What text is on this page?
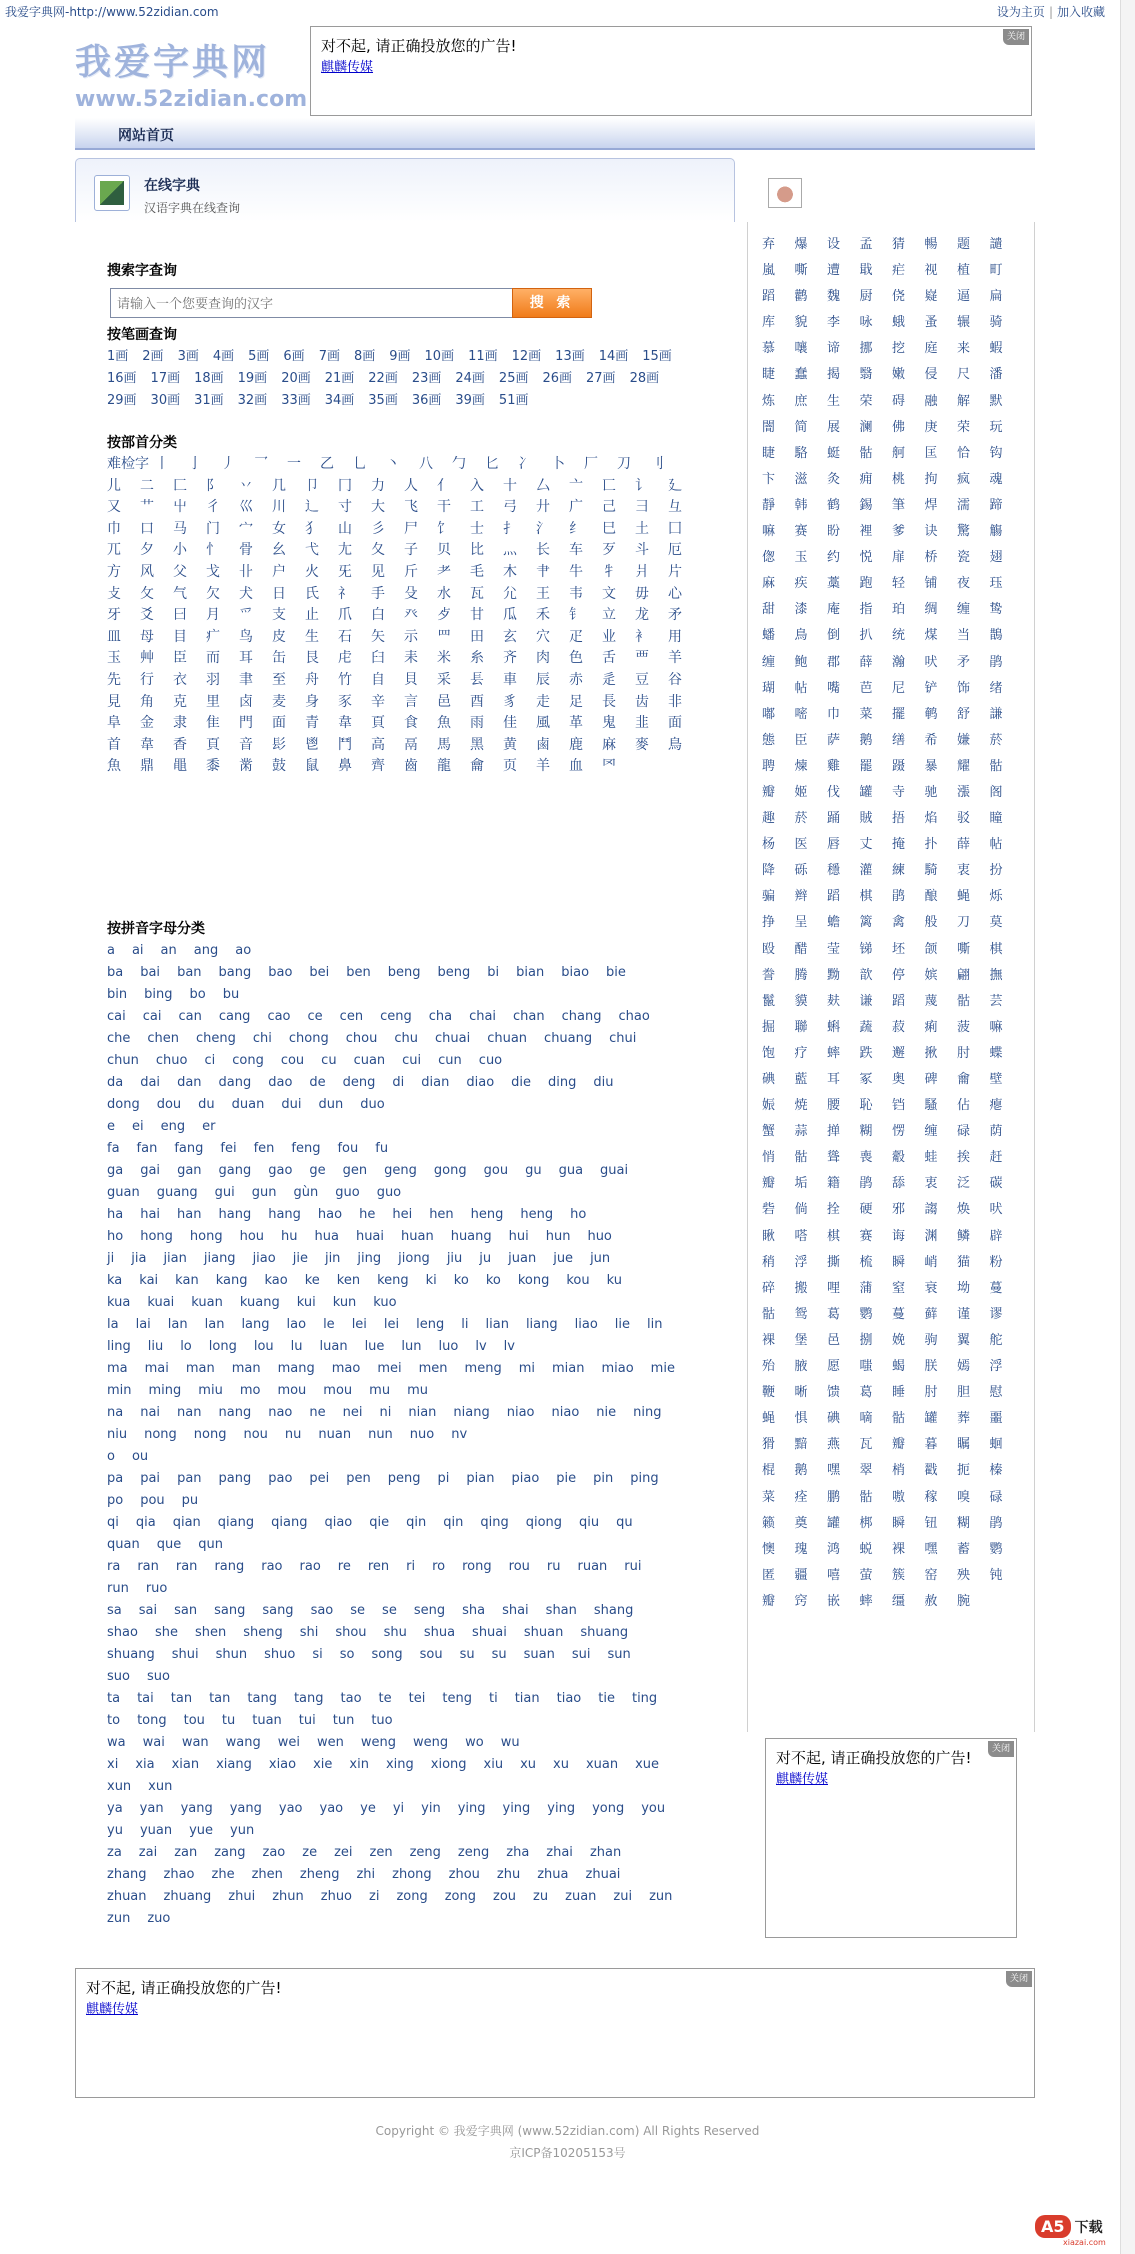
我爱字典网-http://www.52zidian.com	设为主页 | 加入收藏
我爱字典网
www.52zidian.com
关闭
对不起, 请正确投放您的广告!
麒麟传媒
网站首页
在线字典
汉语字典在线查询
搜索字查询
请输入一个您要查询的汉字
搜 索
按笔画查询
1画 2画 3画 4画 5画 6画 7画 8画 9画 10画 11画 12画 13画 14画 15画16画 17画 18画 19画 20画 21画 22画 23画 24画 25画 26画 27画 28画29画 30画 31画 32画 33画 34画 35画 36画 39画 51画
按部首分类
难检字 丨 亅 丿 乛 一 乙 乚 丶 八 勹 匕 冫 卜 厂 刀 刂儿 二 匚 阝 丷 几 卩 冂 力 人 亻 入 十 厶 亠 匸 讠 廴又 艹 屮 彳 巛 川 辶 寸 大 飞 干 工 弓 廾 广 己 彐 彑巾 口 马 门 宀 女 犭 山 彡 尸 饣 士 扌 氵 纟 巳 土 囗兀 夕 小 忄 骨 幺 弋 尢 夂 子 贝 比 灬 长 车 歹 斗 厄方 风 父 戈 卝 户 火 旡 见 斤 耂 毛 木 肀 牛 牜 爿 片攴 攵 气 欠 犬 日 氏 礻 手 殳 水 瓦 尣 王 韦 文 毋 心牙 爻 曰 月 爫 支 止 爪 白 癶 歺 甘 瓜 禾 钅 立 龙 矛皿 母 目 疒 鸟 皮 生 石 矢 示 罒 田 玄 穴 疋 业 衤 用玉 艸 臣 而 耳 缶 艮 虍 臼 耒 米 糸 齐 肉 色 舌 覀 羊先 行 衣 羽 聿 至 舟 竹 自 貝 采 镸 車 辰 赤 辵 豆 谷見 角 克 里 卤 麦 身 豕 辛 言 邑 酉 豸 走 足 長 齿 非阜 金 隶 隹 門 面 青 韋 頁 食 魚 雨 佳 風 革 鬼 韭 面首 韋 香 頁 音 髟 鬯 鬥 高 鬲 馬 黑 黄 鹵 鹿 麻 麥 鳥魚 鼎 黽 黍 黹 鼓 鼠 鼻 齊 齒 龍 龠 页 羊 血 罓
按拼音字母分类
a ai an ang ao
ba bai ban bang bao bei ben beng beng bi bian biao bie
bin bing bo bu
cai cai can cang cao ce cen ceng cha chai chan chang chao
che chen cheng chi chong chou chu chuai chuan chuang chui
chun chuo ci cong cou cu cuan cui cun cuo
da dai dan dang dao de deng di dian diao die ding diu
dong dou du duan dui dun duo
e ei eng er
fa fan fang fei fen feng fou fu
ga gai gan gang gao ge gen geng gong gou gu gua guai
guan guang gui gun gùn guo guo
ha hai han hang hang hao he hei hen heng heng ho
ho hong hong hou hu hua huai huan huang hui hun huo
ji jia jian jiang jiao jie jin jing jiong jiu ju juan jue jun
ka kai kan kang kao ke ken keng ki ko ko kong kou ku
kua kuai kuan kuang kui kun kuo
la lai lan lan lang lao le lei lei leng li lian liang liao lie lin
ling liu lo long lou lu luan lue lun luo lv lv
ma mai man man mang mao mei men meng mi mian miao mie
min ming miu mo mou mou mu mu
na nai nan nang nao ne nei ni nian niang niao niao nie ning
niu nong nong nou nu nuan nun nuo nv
o ou
pa pai pan pang pao pei pen peng pi pian piao pie pin ping
po pou pu
qi qia qian qiang qiang qiao qie qin qin qing qiong qiu qu
quan que qun
ra ran ran rang rao rao re ren ri ro rong rou ru ruan rui
run ruo
sa sai san sang sang sao se se seng sha shai shan shang
shao she shen sheng shi shou shu shua shuai shuan shuang
shuang shui shun shuo si so song sou su su suan sui sun
suo suo
ta tai tan tan tang tang tao te tei teng ti tian tiao tie ting
to tong tou tu tuan tui tun tuo
wa wai wan wang wei wen weng weng wo wu
xi xia xian xiang xiao xie xin xing xiong xiu xu xu xuan xue
xun xun
ya yan yang yang yao yao ye yi yin ying ying ying yong you
yu yuan yue yun
za zai zan zang zao ze zei zen zeng zeng zha zhai zhan
zhang zhao zhe zhen zheng zhi zhong zhou zhu zhua zhuai
zhuan zhuang zhui zhun zhuo zi zong zong zou zu zuan zui zun
zun zuo
弃 爆 设 孟 猜 暢 题 譴嵐 嘶 遭 戢 疟 视 植 町蹈 鹳 魏 厨 侥 嶷 逼 扁库 貌 李 咏 蛾 蚤 辗 骑慕 嚷 谛 挪 挖 庭 来 蝦睫 蠢 揭 翳 嫩 侵 尺 潘炼 庶 生 荣 碍 融 解 默闇 简 展 澜 佛 庚 荣 玩睫 駱 蜓 骷 舸 匡 恰 钩卞 滋 灸 痈 桃 拘 疯 魂靜 韩 鹤 錫 筆 焊 濡 蹄嘛 赛 盼 裡 爹 诀 驚 觴偬 玉 约 悦 扉 桥 瓷 翅麻 疾 藁 跑 轻 铺 夜 珏甜 漆 庵 指 珀 绸 缠 鸷蟠 鳥 倒 扒 统 煤 当 鵲缠 鲍 郡 薛 瀚 吠 矛 鹃瑚 帖 嘴 芭 尼 铲 饰 绪嘟 嘧 巾 菜 擺 鹌 舒 謙態 臣 萨 鹅 缮 希 嫌 菸聘 煉 雞 罷 蹑 暴 耀 骷瓣 姬 伐 罐 寺 驰 漲 阁趣 菸 踊 賊 捂 焰 驳 瞳杨 医 唇 丈 掩 扑 薛 帖降 砾 穩 灌 練 騎 衷 扮骗 辫 蹈 棋 鹃 酿 蝇 烁挣 呈 蟾 篱 禽 般 刀 莫殴 醋 莹 锑 坯 颌 嘶 棋誊 腾 黝 歆 停 嫔 翩 撫鬣 貘 麸 谦 蹈 蔑 骷 芸掘 聯 蝌 蔬 菽 痢 菠 嘛饱 疗 蟀 跌 邂 揪 肘 蝶碘 藍 耳 冢 奥 碑 龠 壁娠 焼 腰 恥 铛 騷 佔 瘪蟹 蒜 掸 糊 愣 缠 碌 荫悄 骷 聳 喪 觳 蛙 挨 赶瓣 垢 籍 鹃 舔 衷 泛 碳砦 倘 拴 硬 邪 謅 焕 吠瞅 嗒 棋 赛 诲 渊 鳞 辟稍 浮 撕 梳 瞬 峭 猫 粉碎 搬 哩 蒲 窒 衰 坳 蔓骷 鸳 葛 鹦 蔓 藓 谨 谬裸 堡 邑 捌 娩 驹 翼 舵殆 腋 愿 嗤 蝎 朕 嫣 浮鞭 晰 馈 葛 睡 肘 胆 慰蝇 惧 碘 嘀 骷 罐 葬 噩猾 黯 燕 瓦 瓣 暮 瞩 蛔棍 鹅 嘿 翠 梢 戳 扼 榛菜 痊 鹏 骷 嗷 稼 嗅 碌籁 奠 罐 梆 瞬 钮 糊 鹃懊 瑰 鸿 蜕 裸 嘿 蓄 鹦匿 疆 嘻 萤 簇 窑 殃 钝瓣 窍 嵌 蟀 缰 赦 腕
关闭
对不起, 请正确投放您的广告!
麒麟传媒
关闭
对不起, 请正确投放您的广告!
麒麟传媒
Copyright © 我爱字典网 (www.52zidian.com) All Rights Reserved
京ICP备10205153号
A5 下载
xiazai.com
